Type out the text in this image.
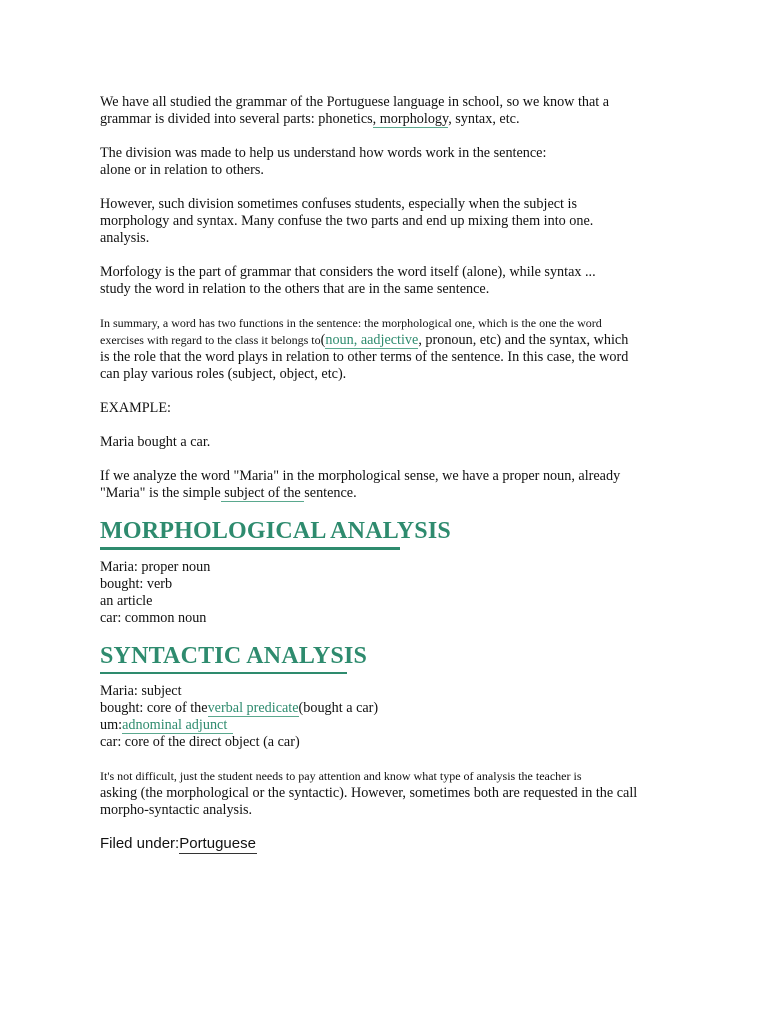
We have all studied the grammar of the Portuguese language in school, so we know that a

grammar is divided into several parts: phonetics, morphology, syntax, etc.

The division was made to help us understand how words work in the sentence:

alone or in relation to others.

However, such division sometimes confuses students, especially when the subject is

morphology and syntax. Many confuse the two parts and end up mixing them into one.

analysis.

Morfology is the part of grammar that considers the word itself (alone), while syntax ...

study the word in relation to the others that are in the same sentence.

In summary, a word has two functions in the sentence: the morphological one, which is the one the word

exercises with regard to the class it belongs to(noun, aadjective, pronoun, etc) and the syntax, which

is the role that the word plays in relation to other terms of the sentence. In this case, the word

can play various roles (subject, object, etc).

EXAMPLE:

Maria bought a car.

If we analyze the word "Maria" in the morphological sense, we have a proper noun, already

"Maria" is the simple subject of the sentence.

MORPHOLOGICAL ANALYSIS

Maria: proper noun

bought: verb

an article

car: common noun

SYNTACTIC ANALYSIS

Maria: subject

bought: core of theverbal predicate(bought a car)

um:adnominal adjunct

car: core of the direct object (a car)

It's not difficult, just the student needs to pay attention and know what type of analysis the teacher is

asking (the morphological or the syntactic). However, sometimes both are requested in the call

morpho-syntactic analysis.

Filed under:Portuguese
